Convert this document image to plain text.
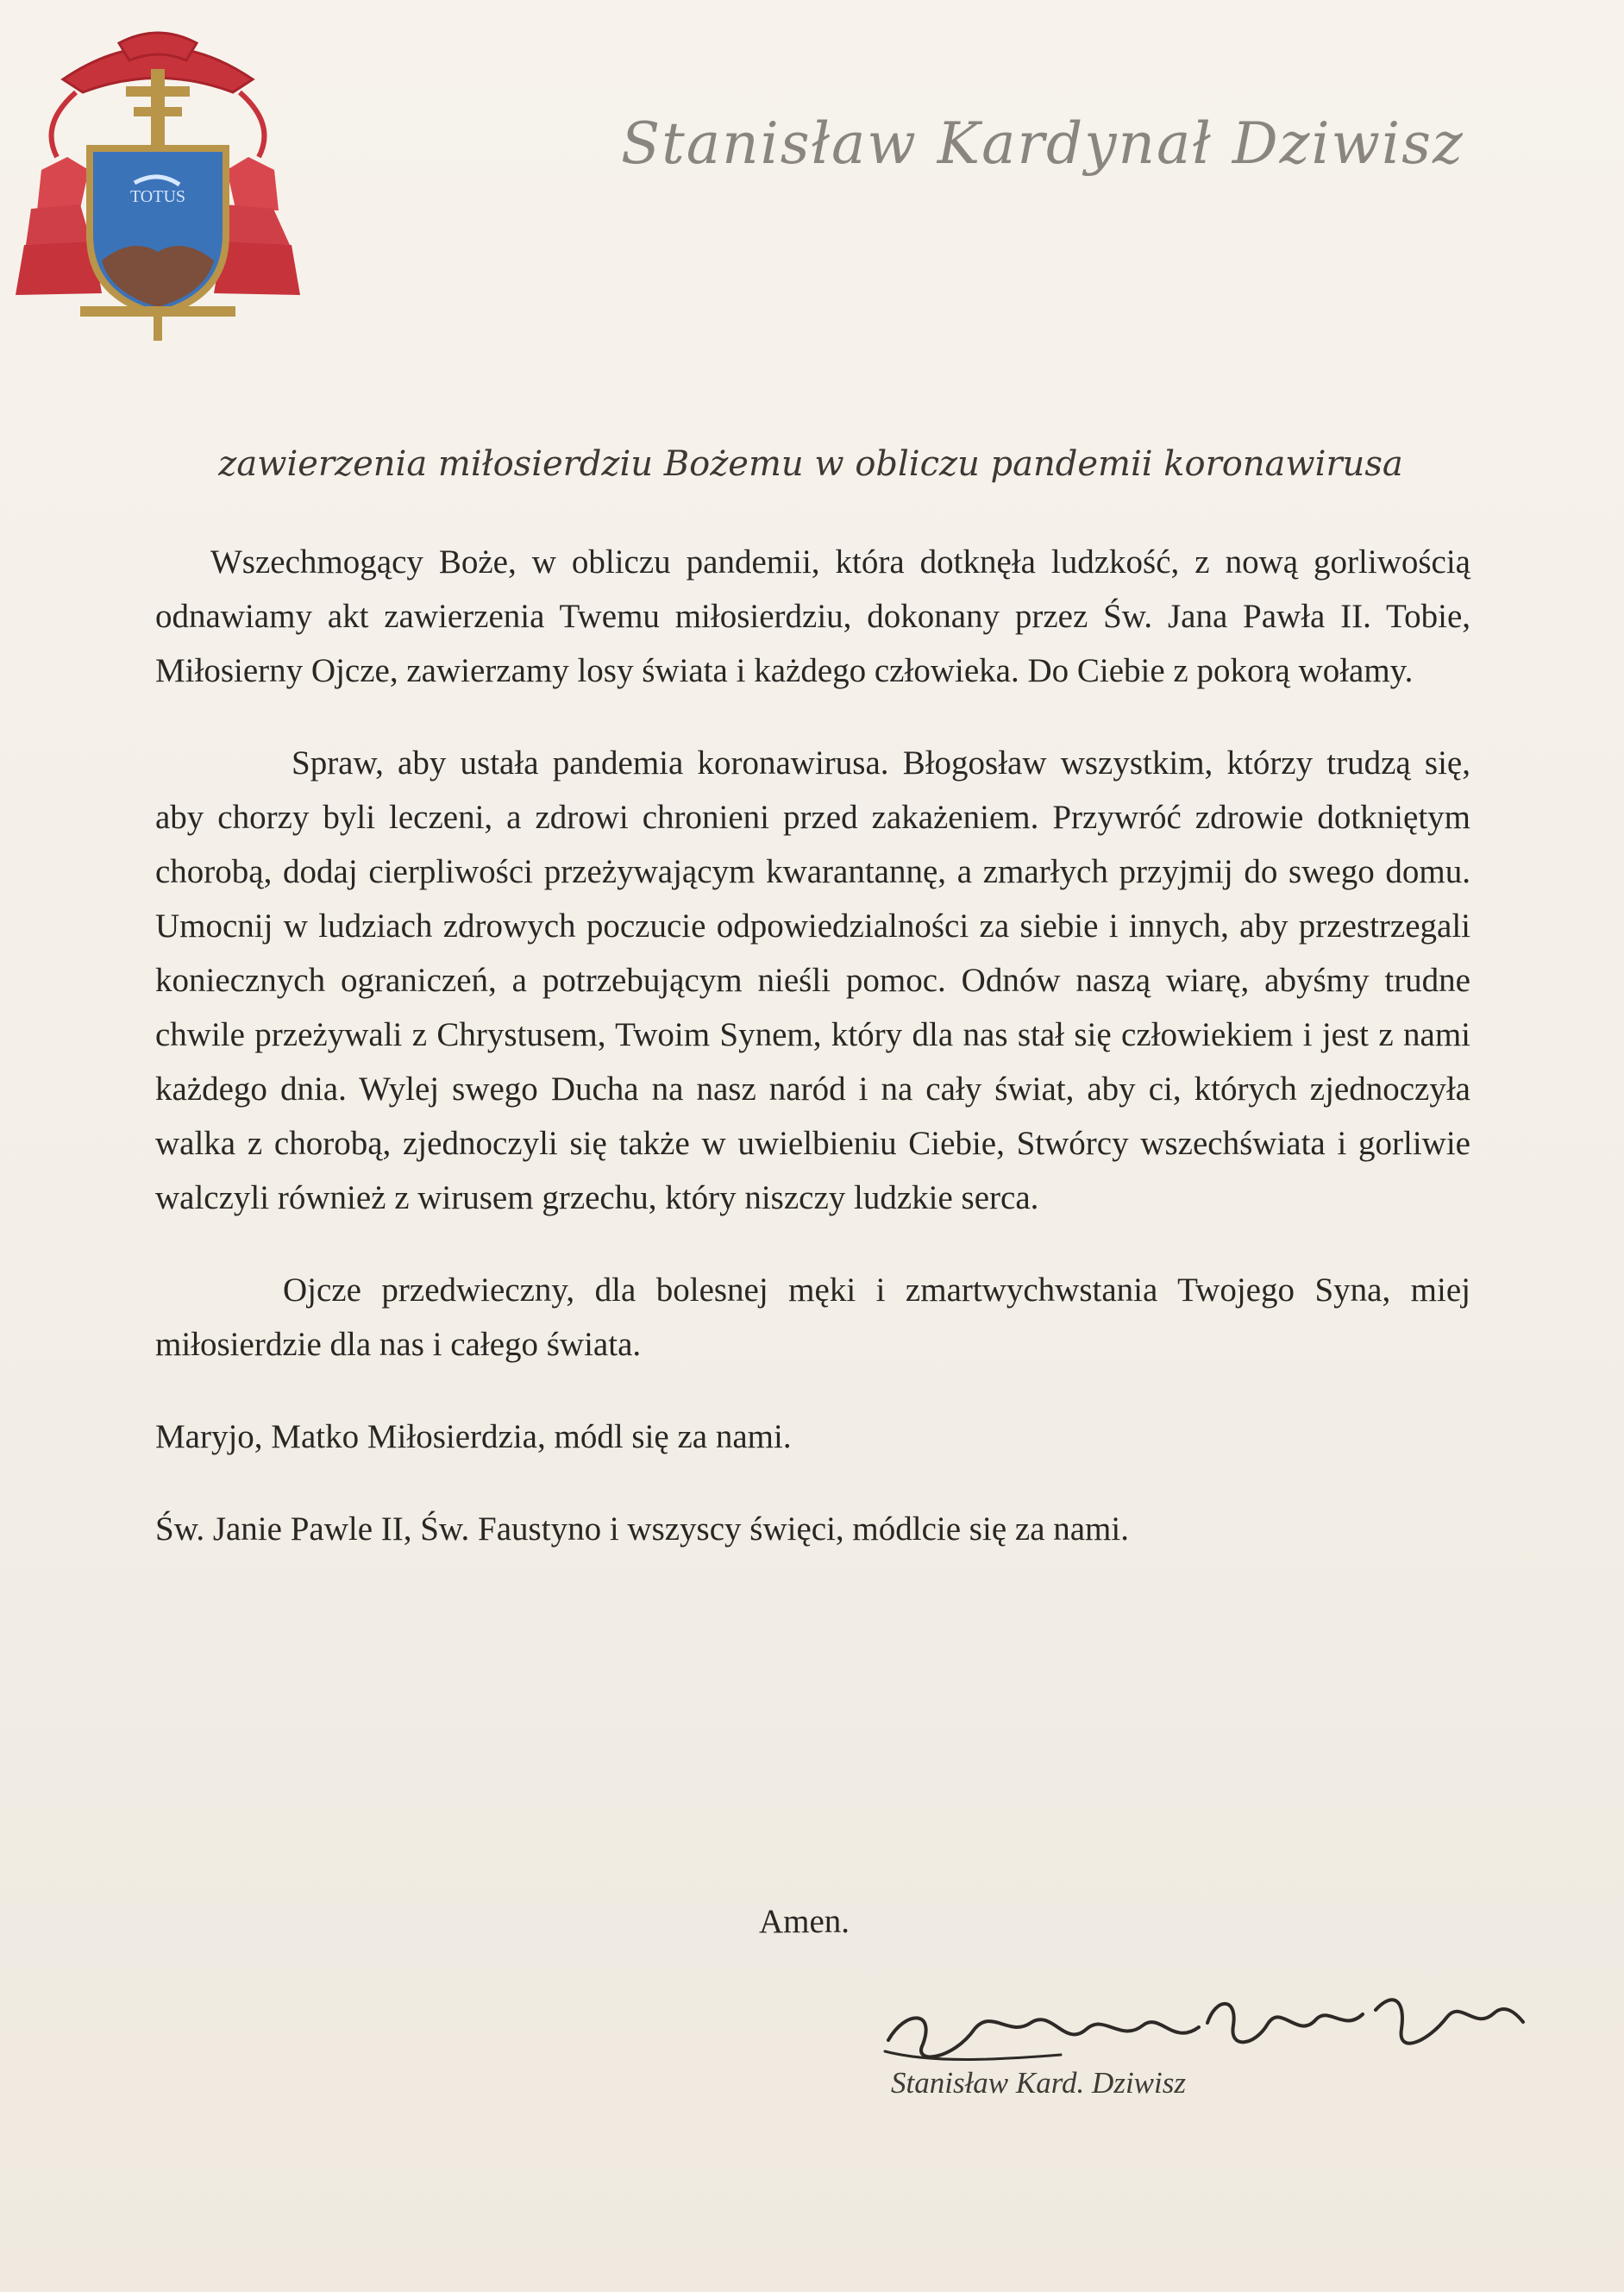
TOTUS
Stanisław Kardynał Dziwisz
zawierzenia miłosierdziu Bożemu w obliczu pandemii koronawirusa

Wszechmogący Boże, w obliczu pandemii, która dotknęła ludzkość, z nową gorliwością odnawiamy akt zawierzenia Twemu miłosierdziu, dokonany przez Św. Jana Pawła II. Tobie, Miłosierny Ojcze, zawierzamy losy świata i każdego człowieka. Do Ciebie z pokorą wołamy.

Spraw, aby ustała pandemia koronawirusa. Błogosław wszystkim, którzy trudzą się, aby chorzy byli leczeni, a zdrowi chronieni przed zakażeniem. Przywróć zdrowie dotkniętym chorobą, dodaj cierpliwości przeżywającym kwarantannę, a zmarłych przyjmij do swego domu. Umocnij w ludziach zdrowych poczucie odpowiedzialności za siebie i innych, aby przestrzegali koniecznych ograniczeń, a potrzebującym nieśli pomoc. Odnów naszą wiarę, abyśmy trudne chwile przeżywali z Chrystusem, Twoim Synem, który dla nas stał się człowiekiem i jest z nami każdego dnia. Wylej swego Ducha na nasz naród i na cały świat, aby ci, których zjednoczyła walka z chorobą, zjednoczyli się także w uwielbieniu Ciebie, Stwórcy wszechświata i gorliwie walczyli również z wirusem grzechu, który niszczy ludzkie serca.

Ojcze przedwieczny, dla bolesnej męki i zmartwychwstania Twojego Syna, miej miłosierdzie dla nas i całego świata.

Maryjo, Matko Miłosierdzia, módl się za nami.

Św. Janie Pawle II, Św. Faustyno i wszyscy święci, módlcie się za nami.

Amen.
Stanisław Kard. Dziwisz
